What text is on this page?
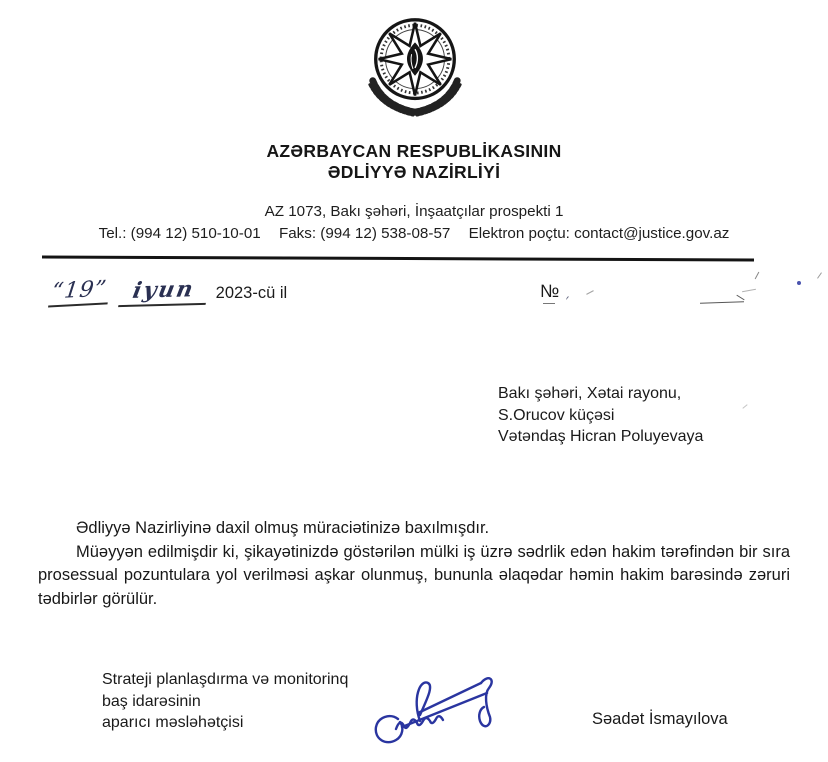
AZƏRBAYCAN RESPUBLİKASININ
ƏDLİYYƏ NAZİRLİYİ
AZ 1073, Bakı şəhəri, İnşaatçılar prospekti 1
Tel.: (994 12) 510-10-01 Faks: (994 12) 538-08-57 Elektron poçtu: contact@justice.gov.az
“19” iyun	2023-cü il	№ ˏ
Bakı şəhəri, Xətai rayonu,
S.Orucov küçəsi
Vətəndaş Hicran Poluyevaya

Ədliyyə Nazirliyinə daxil olmuş müraciətinizə baxılmışdır.

Müəyyən edilmişdir ki, şikayətinizdə göstərilən mülki iş üzrə sədrlik edən hakim tərəfindən bir sıra prosessual pozuntulara yol verilməsi aşkar olunmuş, bununla əlaqədar həmin hakim barəsində zəruri tədbirlər görülür.

Strateji planlaşdırma və monitorinq
baş idarəsinin
aparıcı məsləhətçisi	Səadət İsmayılova
